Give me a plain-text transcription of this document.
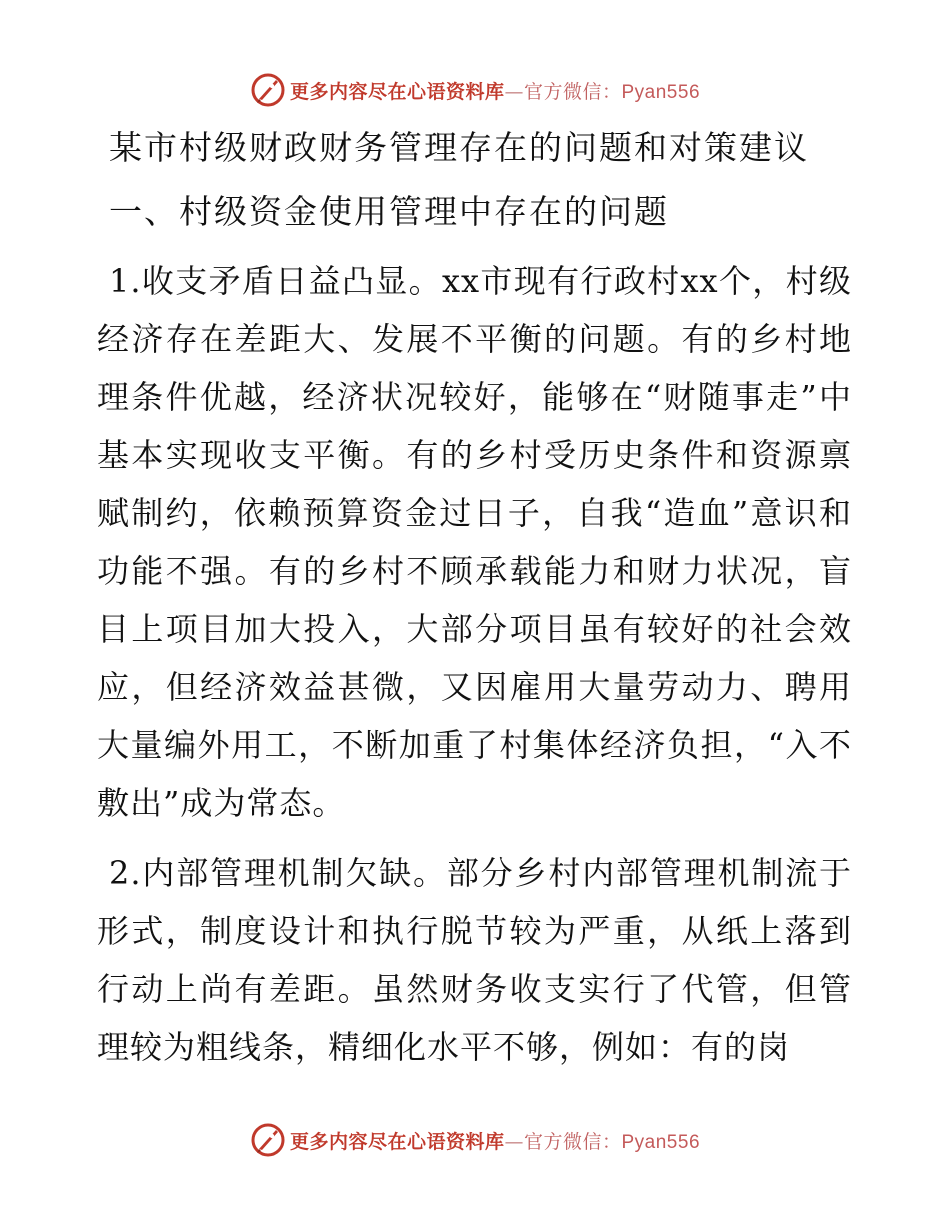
更多内容尽在心语资料库—官方微信：Pyan556
某市村级财政财务管理存在的问题和对策建议
一、村级资金使用管理中存在的问题

1.收支矛盾日益凸显。xx市现有行政村xx个，村级经济存在差距大、发展不平衡的问题。有的乡村地理条件优越，经济状况较好，能够在“财随事走”中基本实现收支平衡。有的乡村受历史条件和资源禀赋制约，依赖预算资金过日子，自我“造血”意识和功能不强。有的乡村不顾承载能力和财力状况，盲目上项目加大投入，大部分项目虽有较好的社会效应，但经济效益甚微，又因雇用大量劳动力、聘用大量编外用工，不断加重了村集体经济负担，“入不敷出”成为常态。

2.内部管理机制欠缺。部分乡村内部管理机制流于形式，制度设计和执行脱节较为严重，从纸上落到行动上尚有差距。虽然财务收支实行了代管，但管理较为粗线条，精细化水平不够，例如：有的岗

更多内容尽在心语资料库—官方微信：Pyan556
